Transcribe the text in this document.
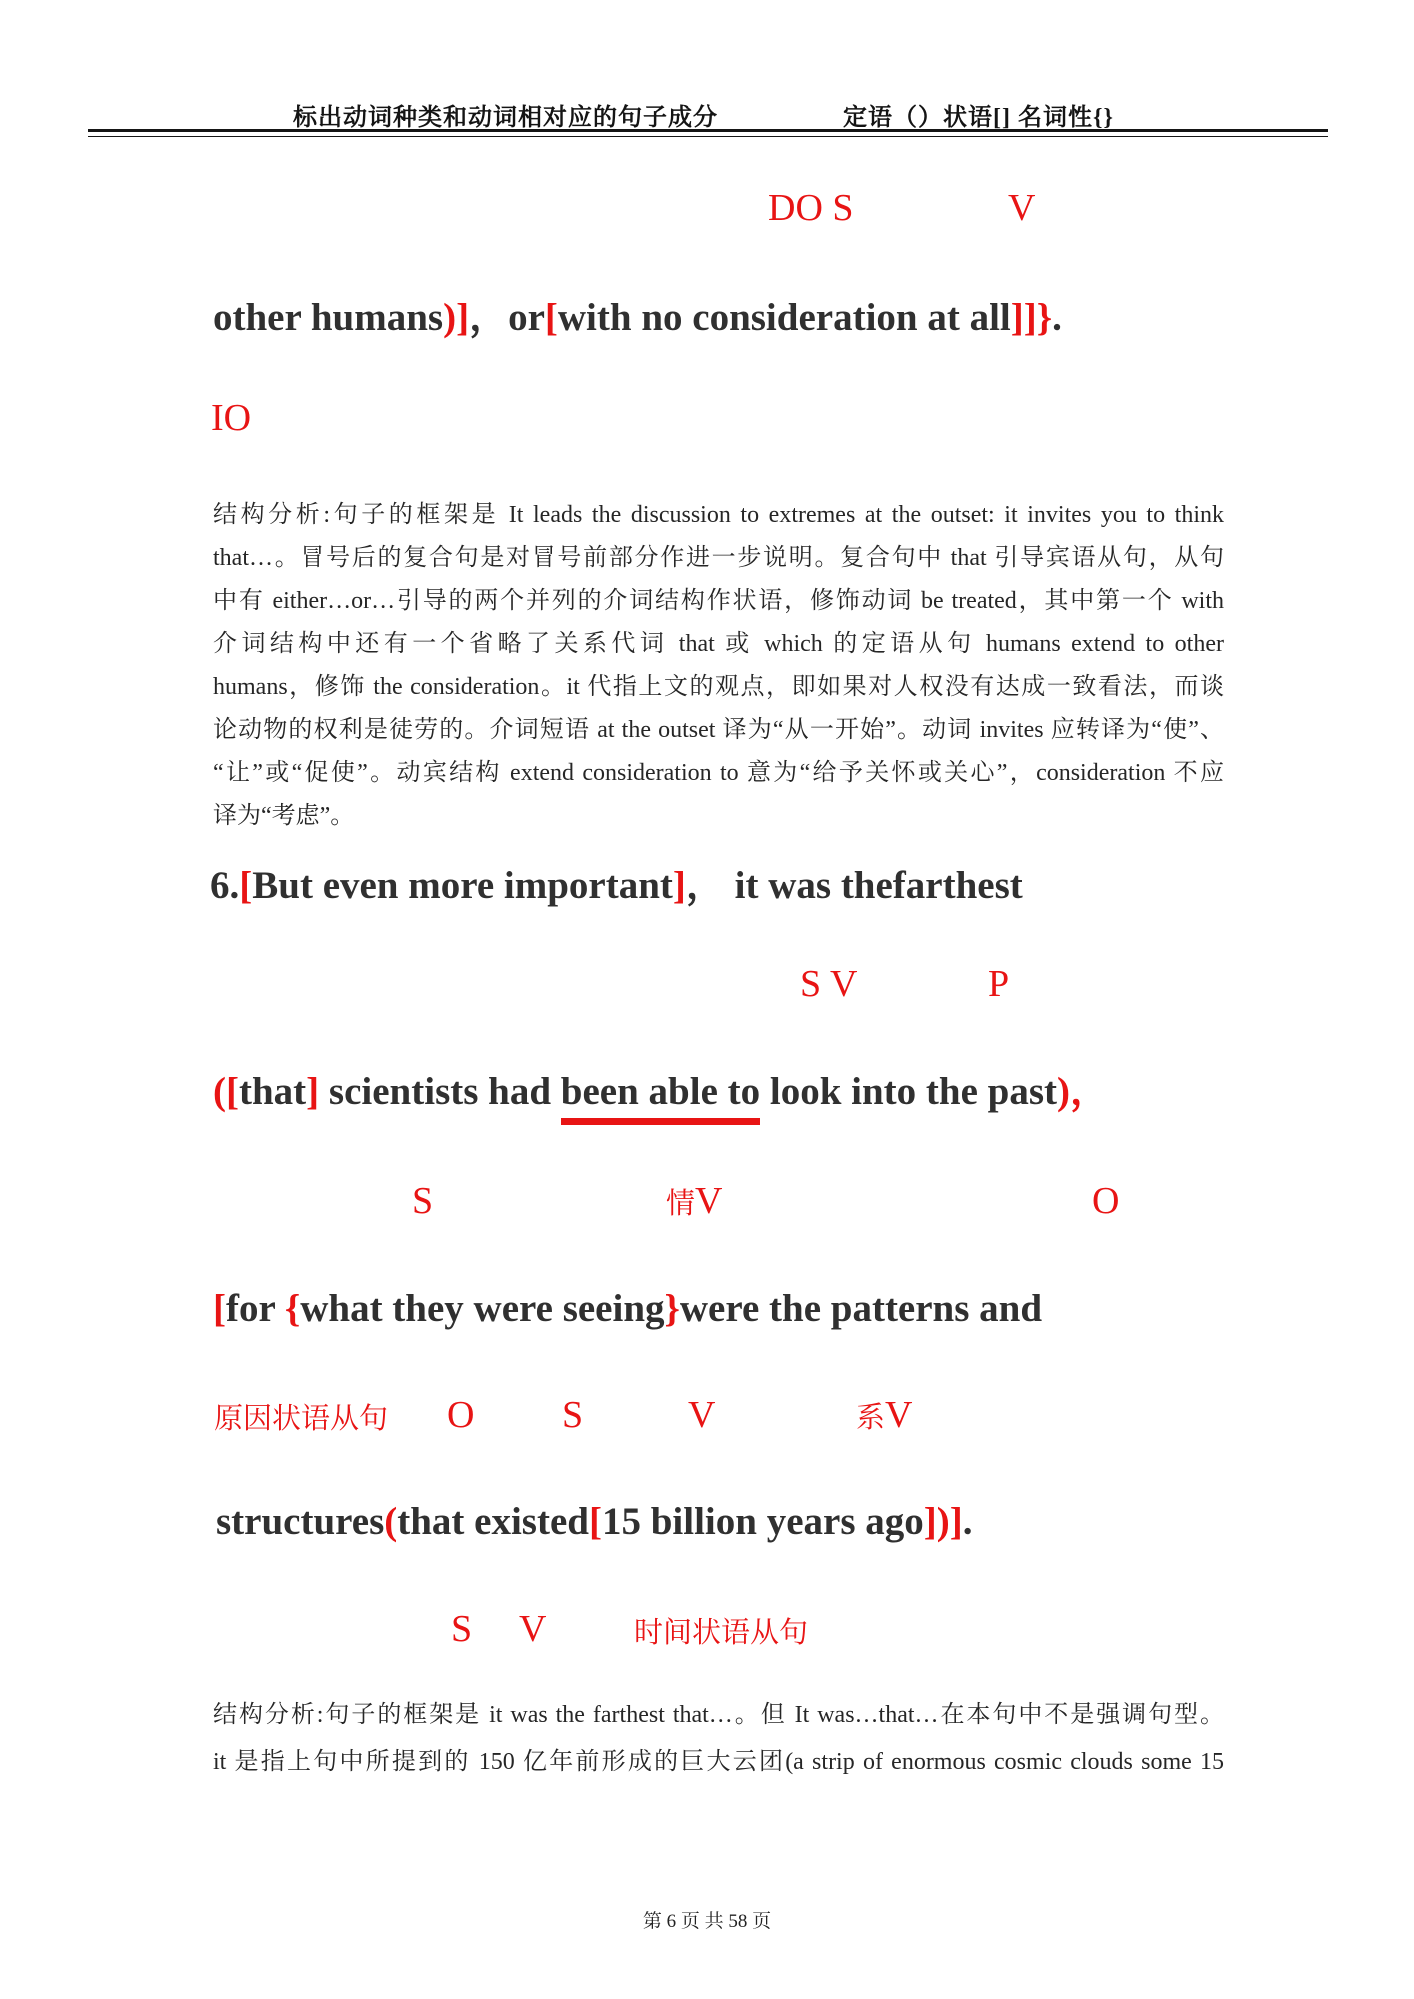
标出动词种类和动词相对应的句子成分	定语（）状语[] 名词性{}
DO S	V
other humans)]，or[with no consideration at all]]}.
IO
结构分析:句子的框架是 It leads the discussion to extremes at the outset: it invites you to think
that…。冒号后的复合句是对冒号前部分作进一步说明。复合句中 that 引导宾语从句，从句
中有 either…or…引导的两个并列的介词结构作状语，修饰动词 be treated，其中第一个 with
介词结构中还有一个省略了关系代词 that 或 which 的定语从句 humans extend to other
humans，修饰 the consideration。it 代指上文的观点，即如果对人权没有达成一致看法，而谈
论动物的权利是徒劳的。介词短语 at the outset 译为“从一开始”。动词 invites 应转译为“使”、
“让”或“促使”。动宾结构 extend consideration to 意为“给予关怀或关心”，consideration 不应
译为“考虑”。
6.[But even more important]， it was thefarthest
S V	P
([that] scientists had been able to look into the past)，
S	情V	O
[for {what they were seeing}were the patterns and
原因状语从句 O S	V	系V
structures(that existed[15 billion years ago])].
S V	时间状语从句
结构分析:句子的框架是 it was the farthest that…。但 It was…that…在本句中不是强调句型。
it 是指上句中所提到的 150 亿年前形成的巨大云团(a strip of enormous cosmic clouds some 15
第 6 页 共 58 页
